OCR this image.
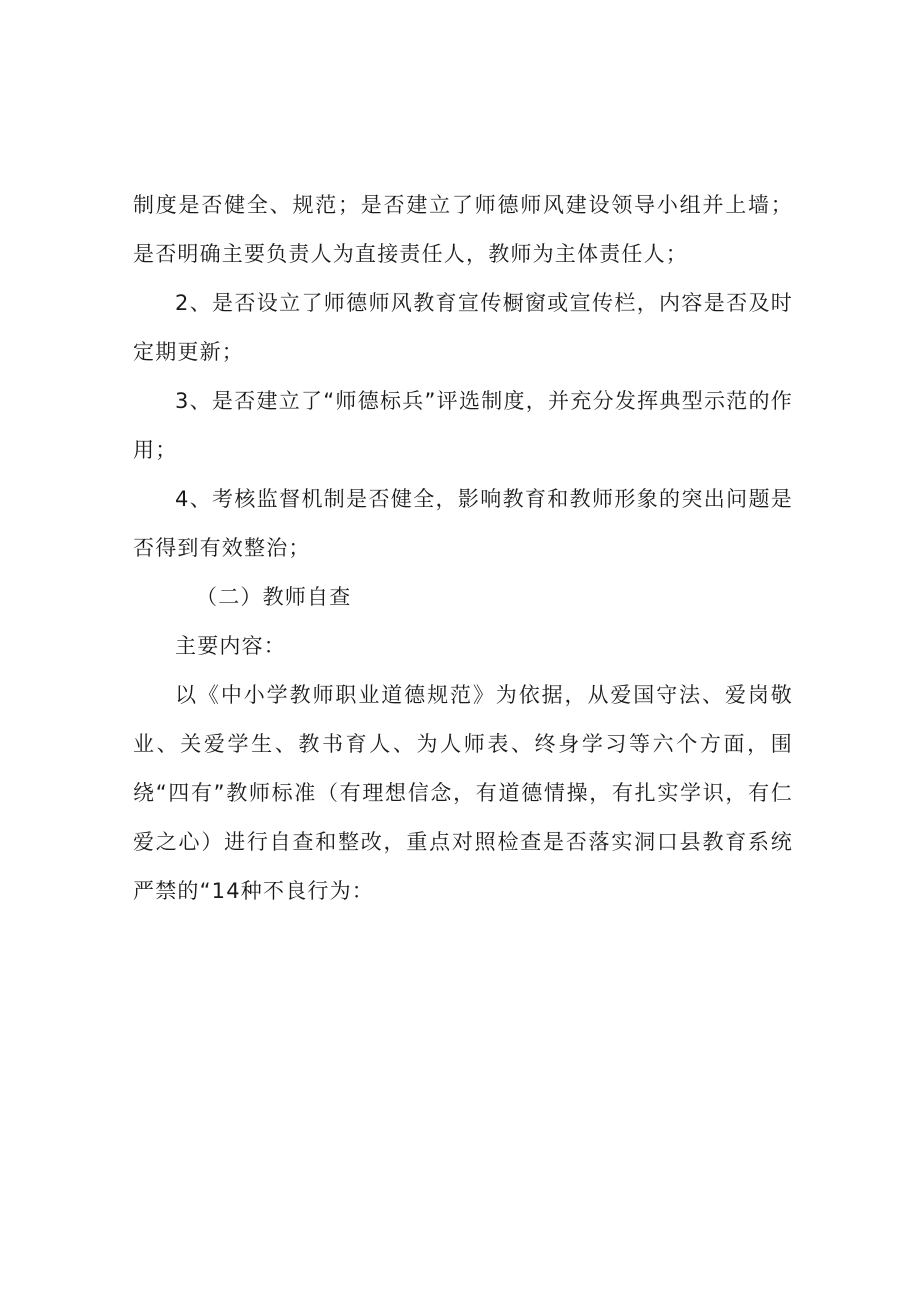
制度是否健全、规范；是否建立了师德师风建设领导小组并上墙；是否明确主要负责人为直接责任人，教师为主体责任人；

2、是否设立了师德师风教育宣传橱窗或宣传栏，内容是否及时定期更新；

3、是否建立了“师德标兵”评选制度，并充分发挥典型示范的作用；

4、考核监督机制是否健全，影响教育和教师形象的突出问题是否得到有效整治；

（二）教师自查

主要内容：

以《中小学教师职业道德规范》为依据，从爱国守法、爱岗敬业、关爱学生、教书育人、为人师表、终身学习等六个方面，围绕“四有”教师标准（有理想信念，有道德情操，有扎实学识，有仁爱之心）进行自查和整改，重点对照检查是否落实洞口县教育系统严禁的“14种不良行为：
